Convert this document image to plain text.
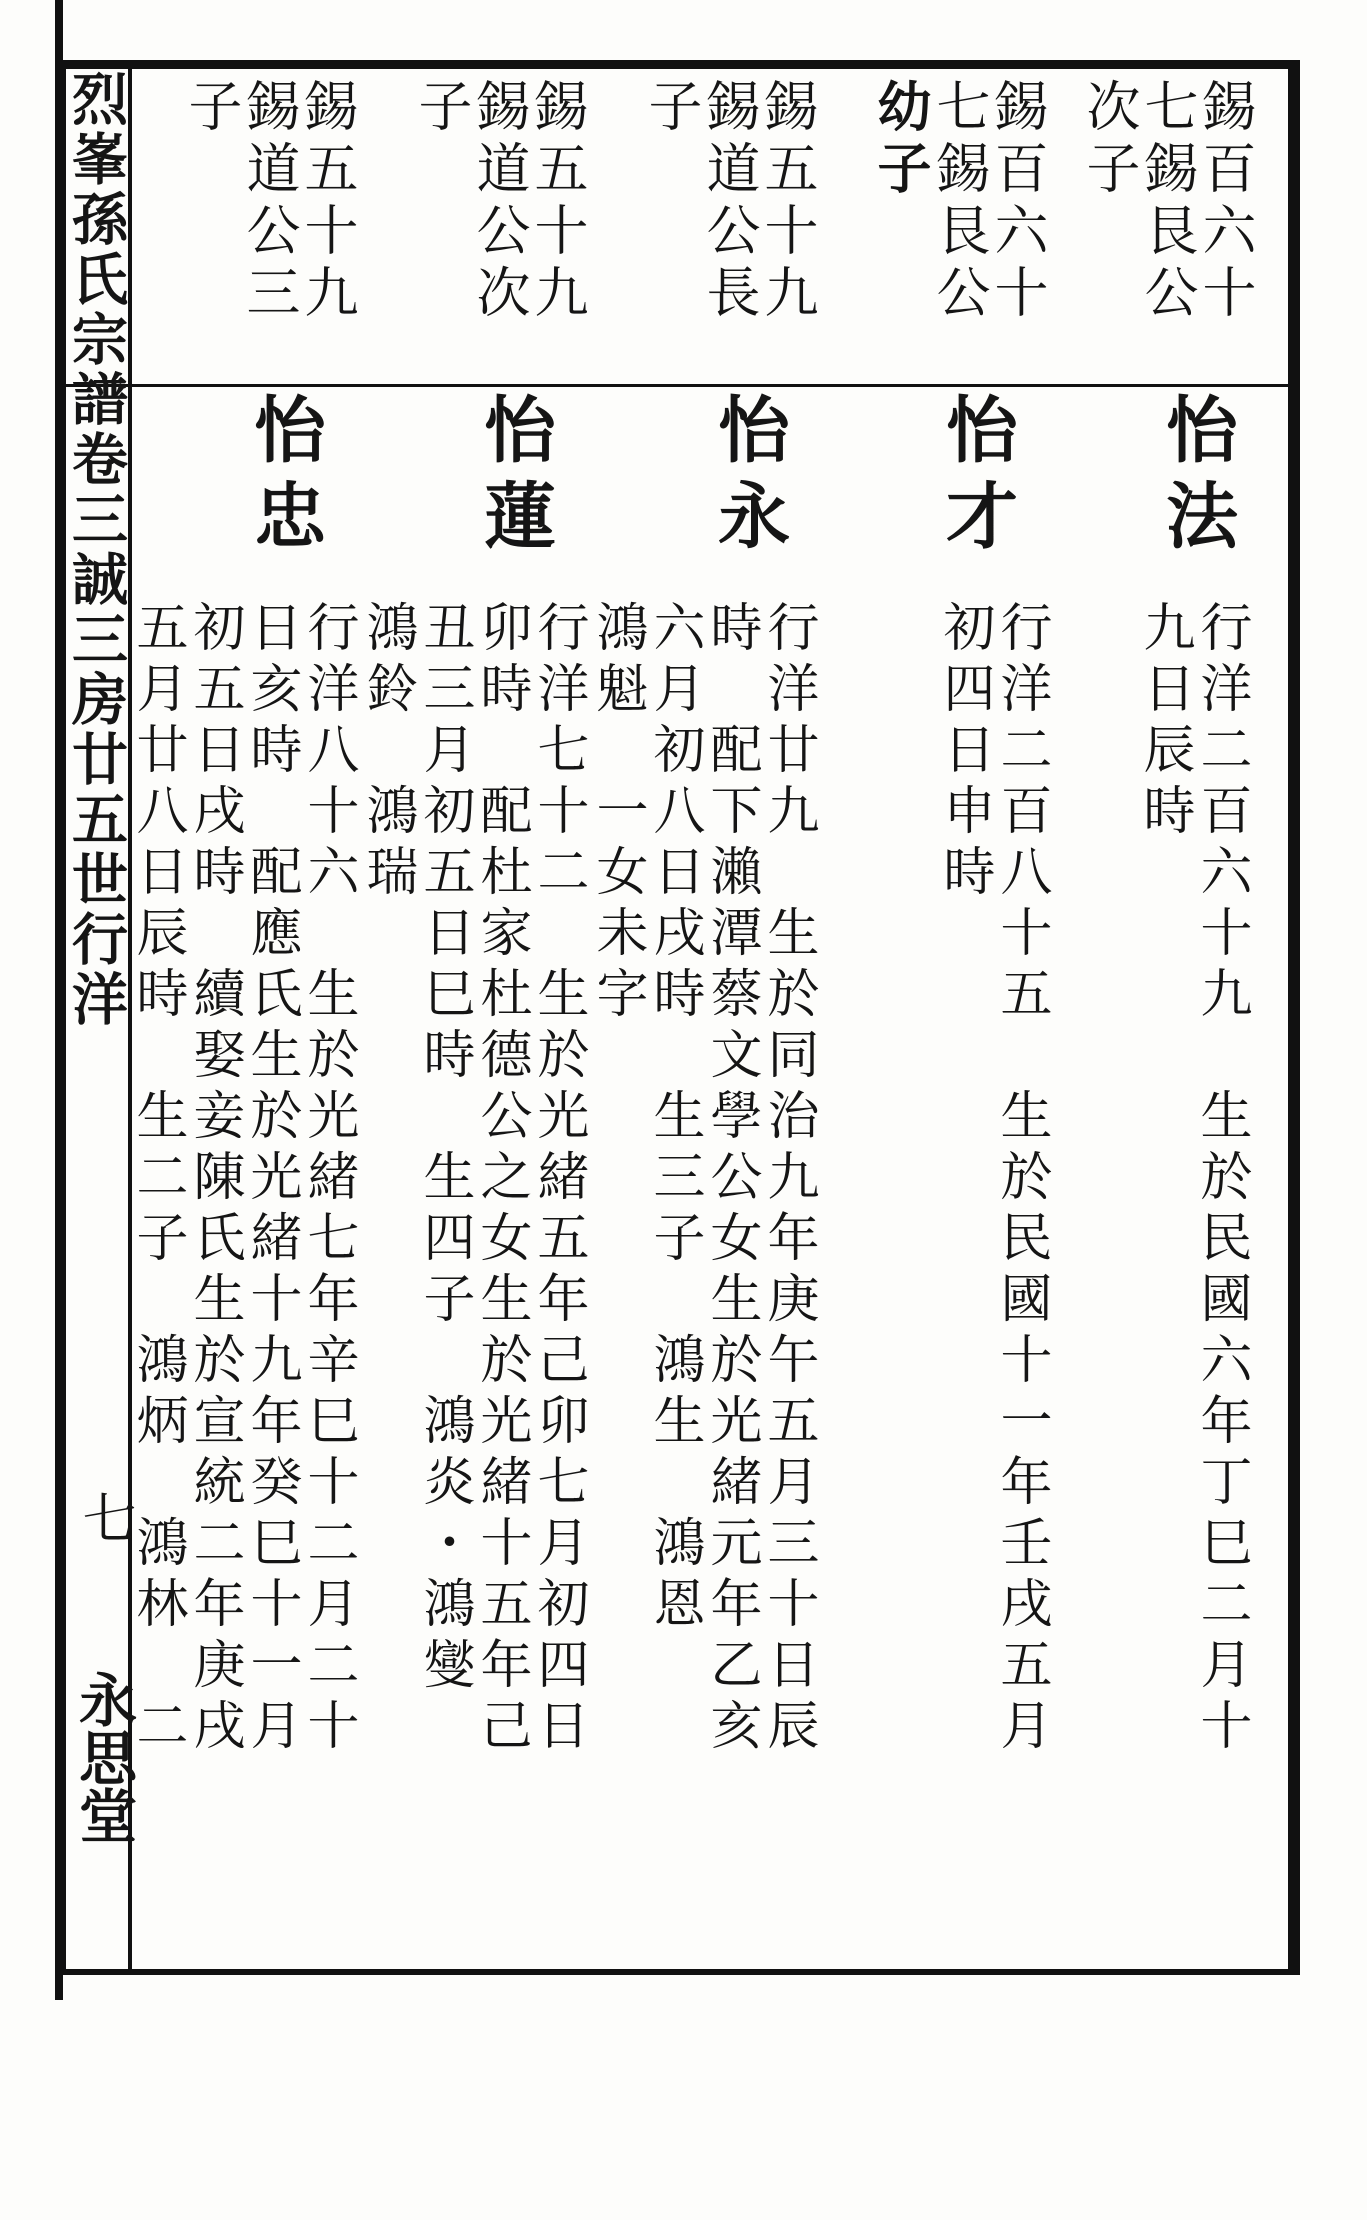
烈峯孫氏宗譜卷三誠三房廿五世行洋
七
永思堂
錫百六十
七錫艮公
次子
怡法
行洋二百六十九　生於民國六年丁巳二月十
九日辰時
錫百六十
七錫艮公
幼子
怡才
行洋二百八十五　生於民國十一年壬戌五月
初四日申時
錫五十九
錫道公長
子
怡永
行洋廿九　生於同治九年庚午五月三十日辰
時　配下瀨潭蔡文學公女生於光緒元年乙亥
六月初八日戌時　生三子　鴻生　鴻恩
鴻魁　一女未字
錫五十九
錫道公次
子
怡蓮
行洋七十二　生於光緒五年己卯七月初四日
卯時　配杜家杜德公之女生於光緒十五年己
丑三月初五日巳時　生四子　鴻炎・鴻燮
鴻鈴　鴻瑞
錫五十九
錫道公三
子
怡忠
行洋八十六　生於光緒七年辛巳十二月二十
日亥時　配應氏生於光緒十九年癸巳十一月
初五日戌時　續娶妾陳氏生於宣統二年庚戌
五月廿八日辰時　生二子　鴻炳　鴻林　二
